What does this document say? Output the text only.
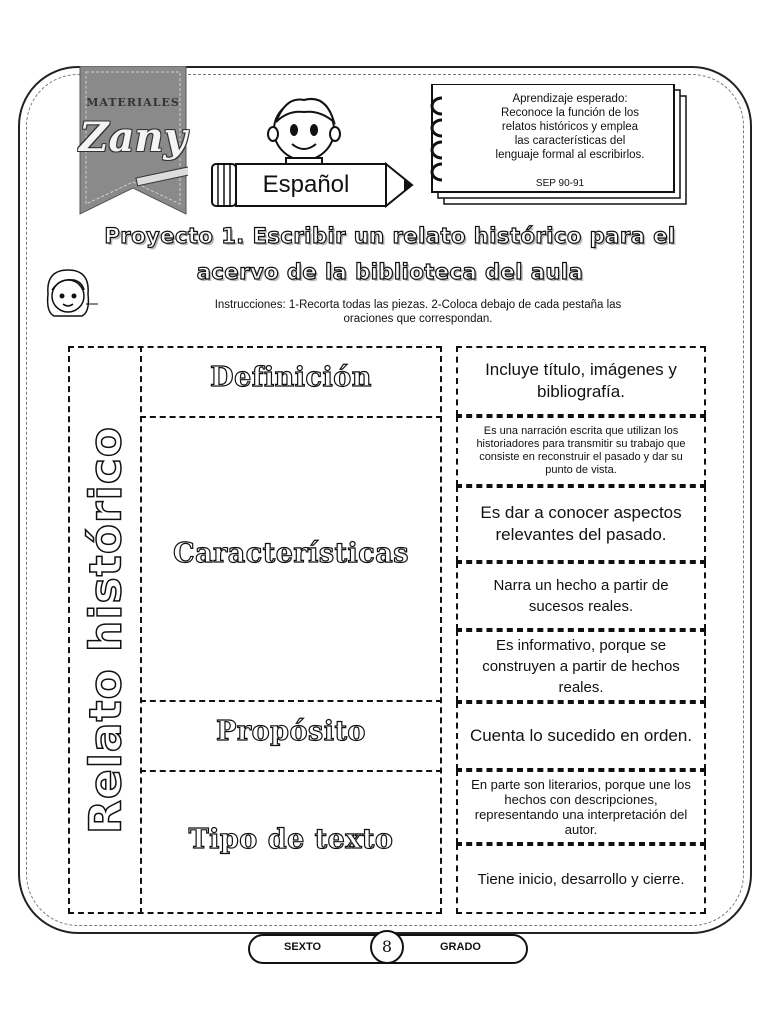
MATERIALES
Zany
Español
Aprendizaje esperado:
Reconoce la función de los
relatos históricos y emplea
las características del
lenguaje formal al escribirlos.
SEP 90-91
Proyecto 1. Escribir un relato histórico para el
acervo de la biblioteca del aula
Instrucciones: 1-Recorta todas las piezas. 2-Coloca debajo de cada pestaña las
oraciones que correspondan.
Relato histórico
Definición
Características
Propósito
Tipo de texto
Incluye título, imágenes y bibliografía.
Es una narración escrita que utilizan los historiadores para transmitir su trabajo que consiste en reconstruir el pasado y dar su punto de vista.
Es dar a conocer aspectos relevantes del pasado.
Narra un hecho a partir de sucesos reales.
Es informativo, porque se construyen a partir de hechos reales.
Cuenta lo sucedido en orden.
En parte son literarios, porque une los hechos con descripciones, representando una interpretación del autor.
Tiene inicio, desarrollo y cierre.
SEXTO	8	GRADO
